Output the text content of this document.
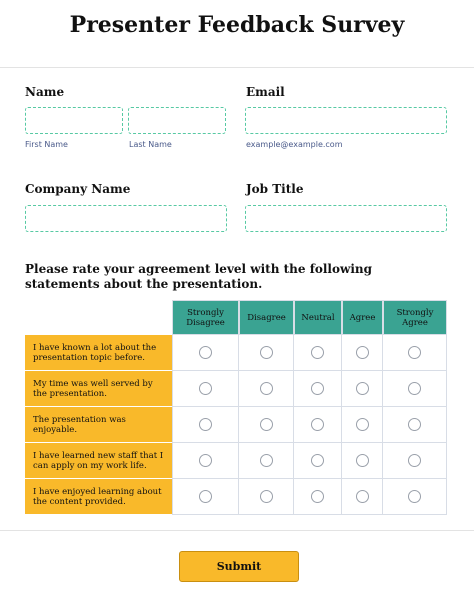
Presenter Feedback Survey
Name
First Name	Last Name
Email
example@example.com
Company Name	Job Title
Please rate your agreement level with the following statements about the presentation.
Strongly Disagree	Disagree	Neutral	Agree	Strongly Agree
I have known a lot about the presentation topic before.
My time was well served by the presentation.
The presentation was enjoyable.
I have learned new staff that I can apply on my work life.
I have enjoyed learning about the content provided.
Submit
